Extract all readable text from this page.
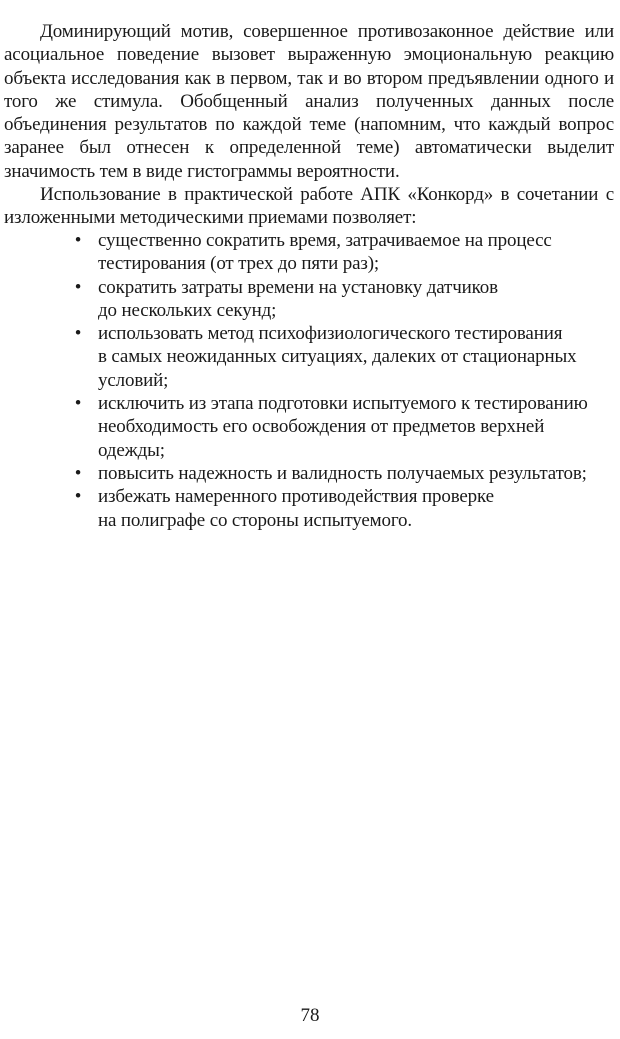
Доминирующий мотив, совершенное противозаконное действие или асоциальное поведение вызовет выраженную эмоциональную реакцию объекта исследования как в первом, так и во втором предъявлении одного и того же стимула. Обобщенный анализ полученных данных после объединения результатов по каждой теме (напомним, что каждый вопрос заранее был отнесен к определенной теме) автоматически выделит значимость тем в виде гистограммы вероятности.

Использование в практической работе АПК «Конкорд» в сочетании с изложенными методическими приемами позволяет:

• существенно сократить время, затрачиваемое на процесс
тестирования (от трех до пяти раз);
• сократить затраты времени на установку датчиков
до нескольких секунд;
• использовать метод психофизиологического тестирования
в самых неожиданных ситуациях, далеких от стационарных
условий;
• исключить из этапа подготовки испытуемого к тестированию
необходимость его освобождения от предметов верхней
одежды;
• повысить надежность и валидность получаемых результатов;
• избежать намеренного противодействия проверке
на полиграфе со стороны испытуемого.
78
